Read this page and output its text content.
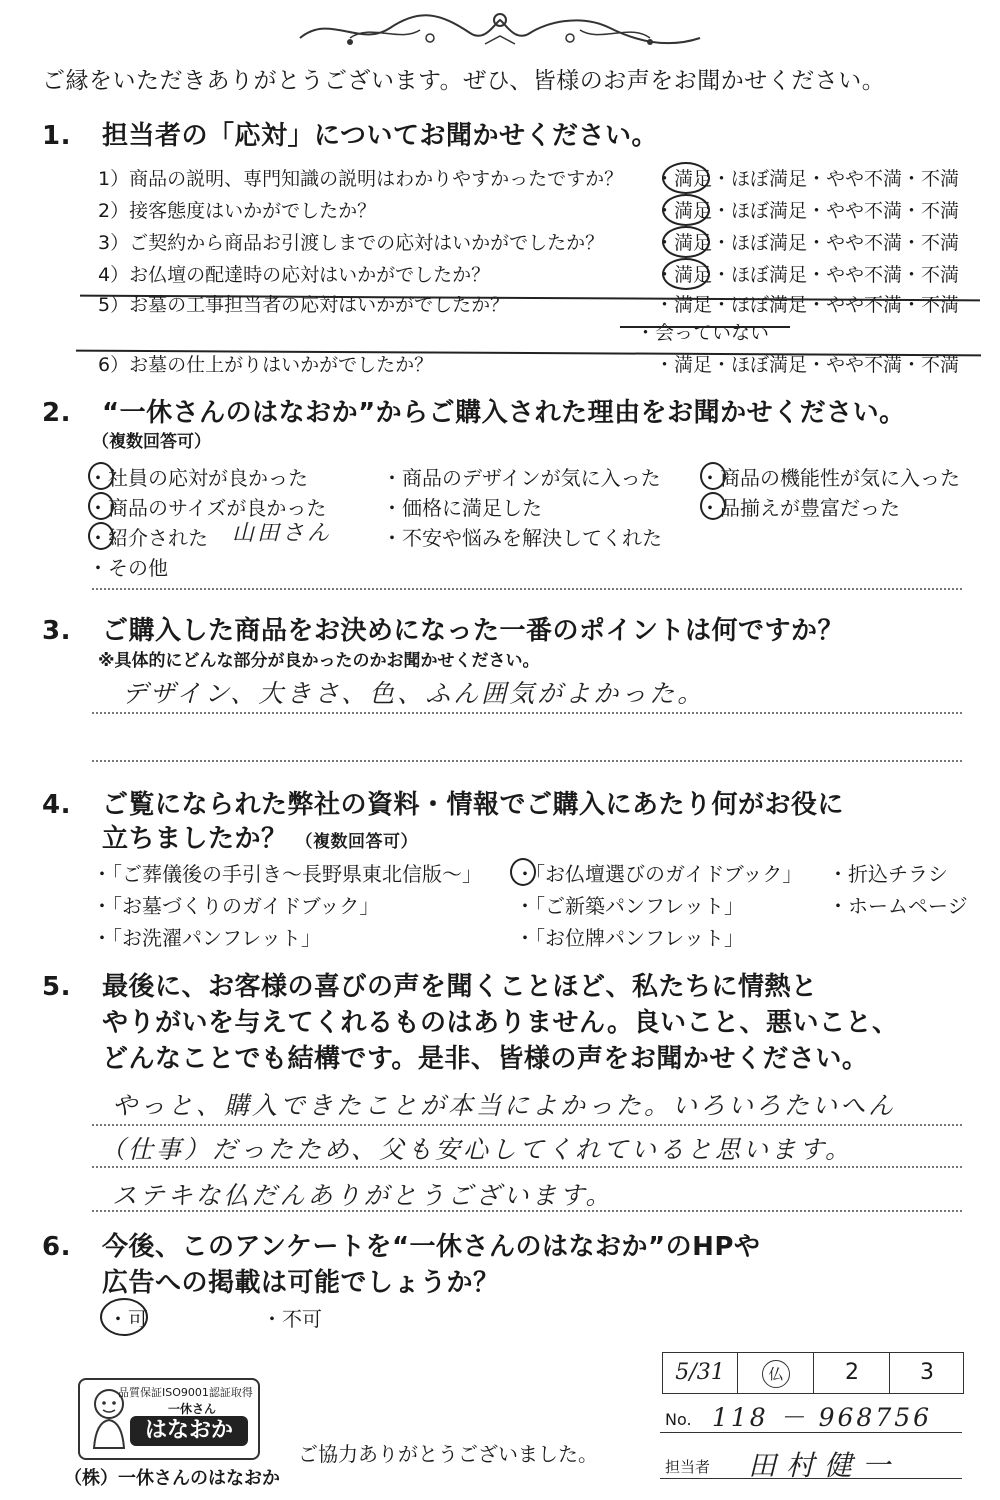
ご縁をいただきありがとうございます。ぜひ、皆様のお声をお聞かせください。
1. 担当者の「応対」についてお聞かせください。
1）商品の説明、専門知識の説明はわかりやすかったですか？ ・満足・ほぼ満足・やや不満・不満
2）接客態度はいかがでしたか？	・満足・ほぼ満足・やや不満・不満
3）ご契約から商品お引渡しまでの応対はいかがでしたか？	・満足・ほぼ満足・やや不満・不満
4）お仏壇の配達時の応対はいかがでしたか？	・満足・ほぼ満足・やや不満・不満
5）お墓の工事担当者の応対はいかがでしたか？	・満足・ほぼ満足・やや不満・不満
・会っていない
6）お墓の仕上がりはいかがでしたか？	・満足・ほぼ満足・やや不満・不満
2. “一休さんのはなおか”からご購入された理由をお聞かせください。
（複数回答可）
・社員の応対が良かった	・商品のデザインが気に入った ・商品の機能性が気に入った
・商品のサイズが良かった	・価格に満足した	・品揃えが豊富だった
・紹介された 山田さん ・不安や悩みを解決してくれた
・その他
3. ご購入した商品をお決めになった一番のポイントは何ですか？
※具体的にどんな部分が良かったのかお聞かせください。
デザイン、大きさ、色、ふん囲気がよかった。
4. ご覧になられた弊社の資料・情報でご購入にあたり何がお役に
立ちましたか？ （複数回答可）
・「ご葬儀後の手引き～長野県東北信版～」 ・「お仏壇選びのガイドブック」 ・折込チラシ
・「お墓づくりのガイドブック」	・「ご新築パンフレット」	・ホームページ
・「お洗濯パンフレット」	・「お位牌パンフレット」
5. 最後に、お客様の喜びの声を聞くことほど、私たちに情熱と
やりがいを与えてくれるものはありません。良いこと、悪いこと、
どんなことでも結構です。是非、皆様の声をお聞かせください。
やっと、購入できたことが本当によかった。いろいろたいへん
（仕事）だったため、父も安心してくれていると思います。
ステキな仏だんありがとうございます。
6. 今後、このアンケートを“一休さんのはなおか”のHPや
広告への掲載は可能でしょうか？
・可	・不可
5/31	仏	2	3
No. 118 － 968756
担当者 田村健一
品質保証ISO9001認証取得
一休さん
はなおか
（株）一休さんのはなおか
ご協力ありがとうございました。
